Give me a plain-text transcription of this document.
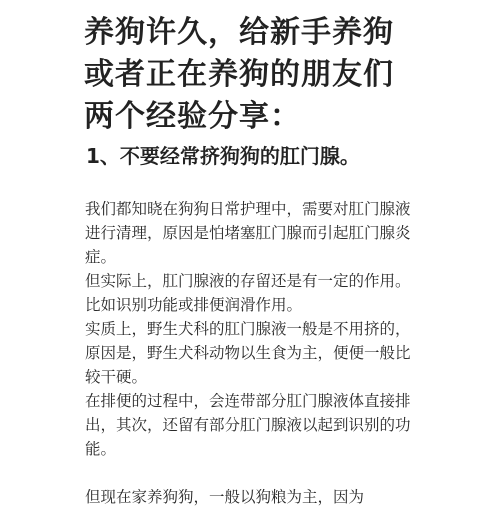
养狗许久，给新手养狗或者正在养狗的朋友们两个经验分享：
1、不要经常挤狗狗的肛门腺。

我们都知晓在狗狗日常护理中，需要对肛门腺液进行清理，原因是怕堵塞肛门腺而引起肛门腺炎症。

但实际上，肛门腺液的存留还是有一定的作用。

比如识别功能或排便润滑作用。

实质上，野生犬科的肛门腺液一般是不用挤的，原因是，野生犬科动物以生食为主，便便一般比较干硬。

在排便的过程中，会连带部分肛门腺液体直接排出，其次，还留有部分肛门腺液以起到识别的功能。

但现在家养狗狗，一般以狗粮为主，因为
